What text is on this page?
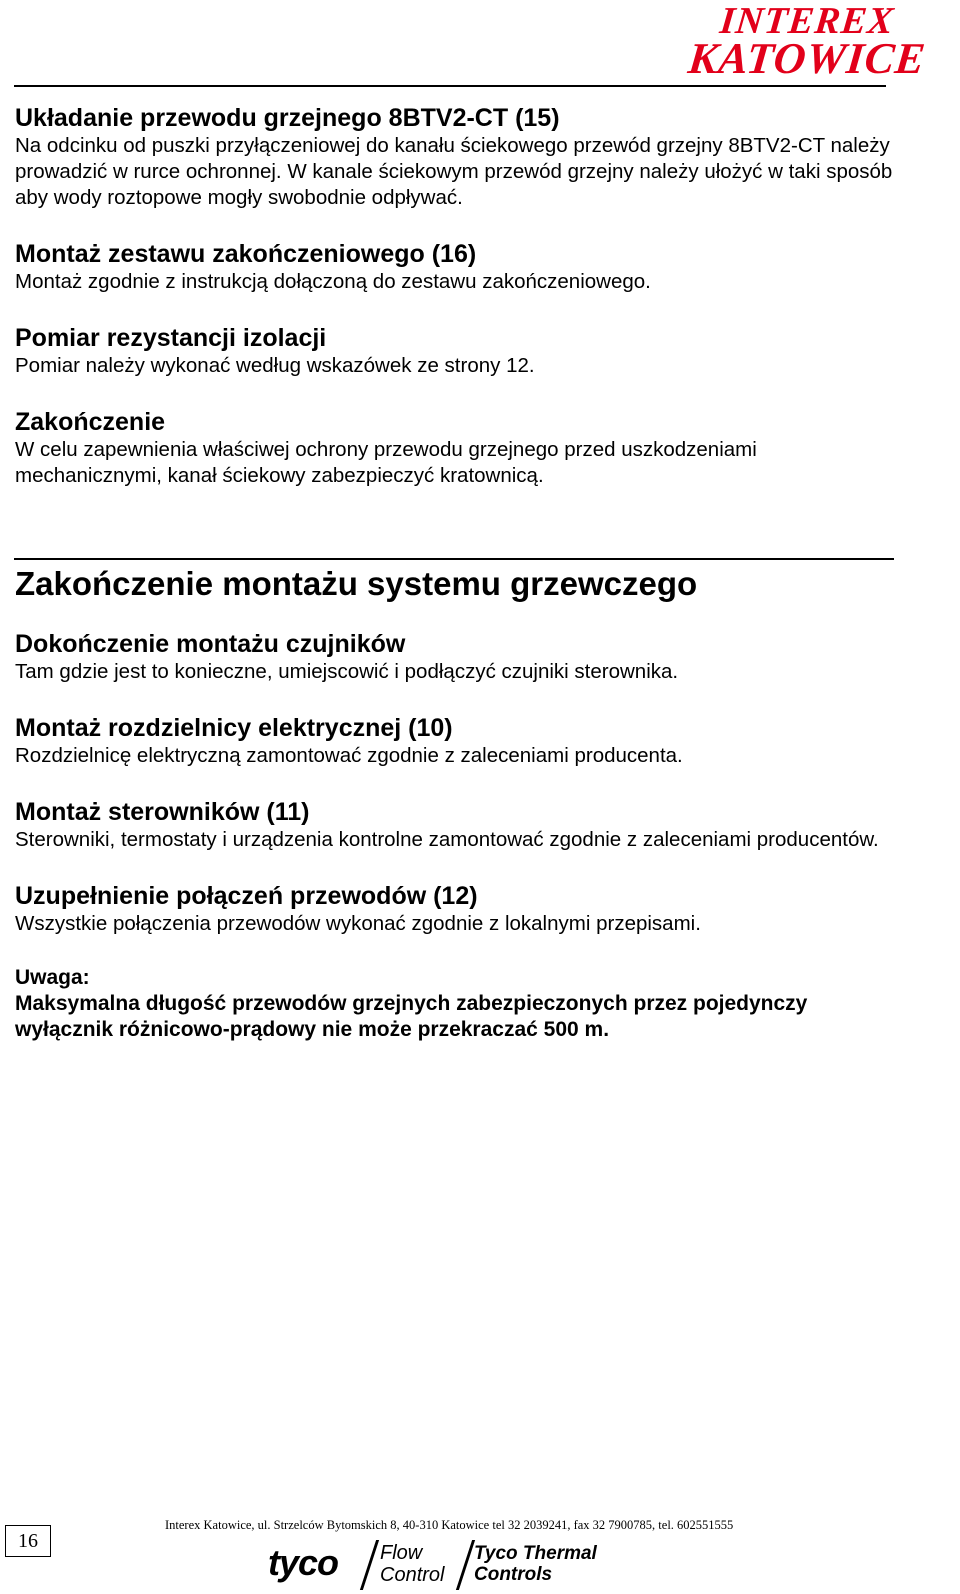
INTEREX
KATOWICE
Układanie przewodu grzejnego 8BTV2-CT (15)

Na odcinku od puszki przyłączeniowej do kanału ściekowego przewód grzejny 8BTV2-CT należy prowadzić w rurce ochronnej. W kanale ściekowym przewód grzejny należy ułożyć w taki sposób aby wody roztopowe mogły swobodnie odpływać.

Montaż zestawu zakończeniowego (16)

Montaż zgodnie z instrukcją dołączoną do zestawu zakończeniowego.

Pomiar rezystancji izolacji

Pomiar należy wykonać według wskazówek ze strony 12.

Zakończenie

W celu zapewnienia właściwej ochrony przewodu grzejnego przed uszkodzeniami mechanicznymi, kanał ściekowy zabezpieczyć kratownicą.

Zakończenie montażu systemu grzewczego
Dokończenie montażu czujników

Tam gdzie jest to konieczne, umiejscowić i podłączyć czujniki sterownika.

Montaż rozdzielnicy elektrycznej (10)

Rozdzielnicę elektryczną zamontować zgodnie z zaleceniami producenta.

Montaż sterowników (11)

Sterowniki, termostaty i urządzenia kontrolne zamontować zgodnie z zaleceniami producentów.

Uzupełnienie połączeń przewodów (12)

Wszystkie połączenia przewodów wykonać zgodnie z lokalnymi przepisami.

Uwaga:

Maksymalna długość przewodów grzejnych zabezpieczonych przez pojedynczy wyłącznik różnicowo-prądowy nie może przekraczać 500 m.

16
Interex Katowice, ul. Strzelców Bytomskich 8, 40-310 Katowice tel 32 2039241, fax 32 7900785, tel. 602551555
tyco Flow
Control
Tyco Thermal
Controls
